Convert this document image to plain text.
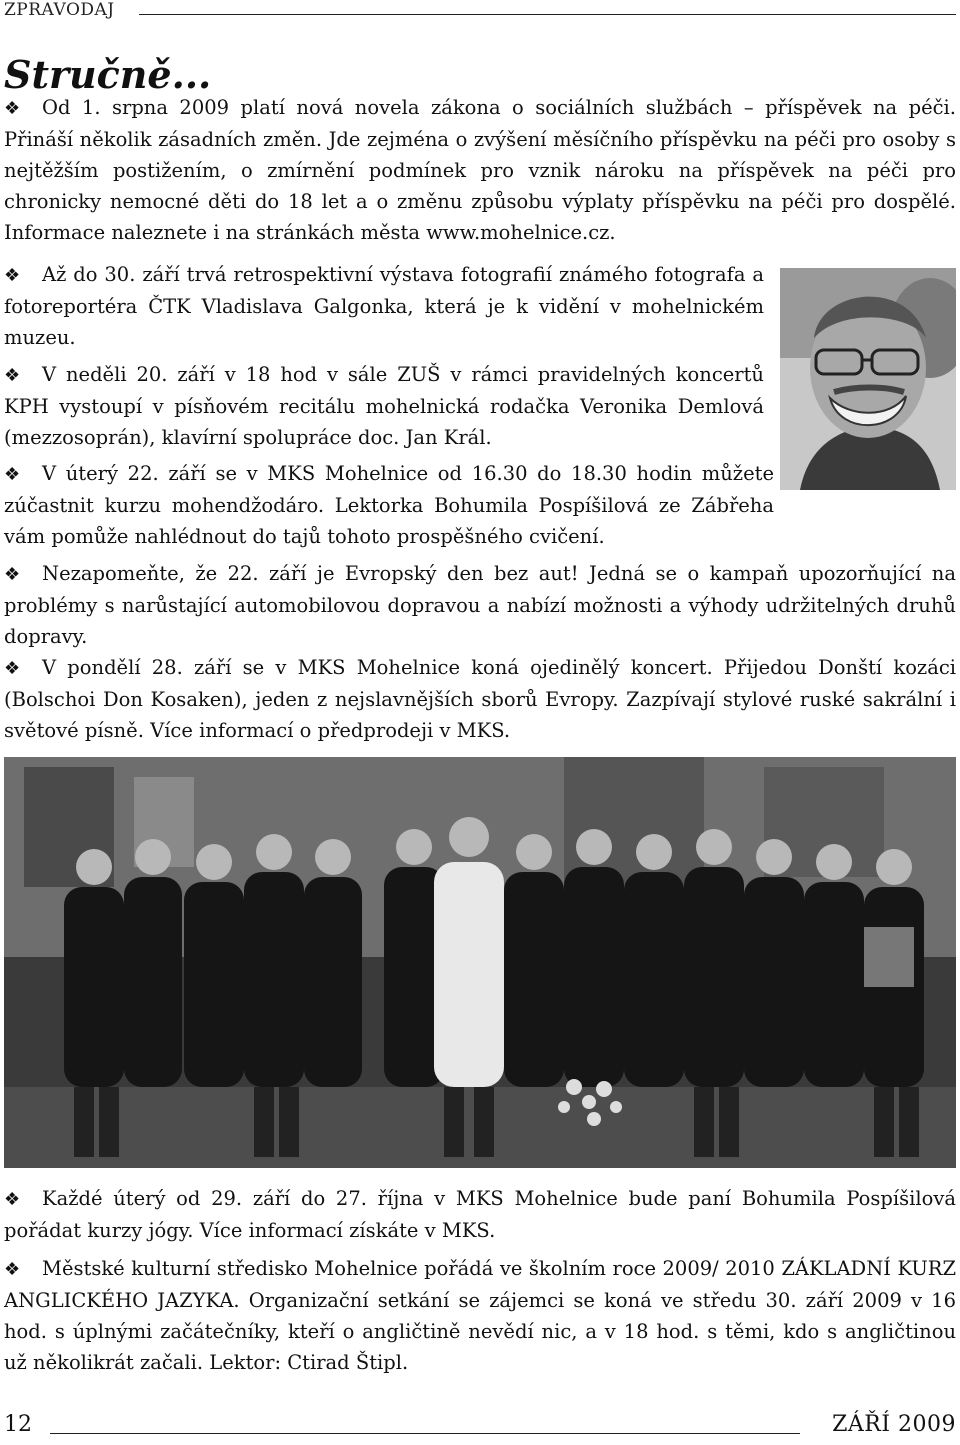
ZPRAVODAJ
Stručně...

❖ Od 1. srpna 2009 platí nová novela zákona o sociálních službách – příspěvek na péči. Přináší několik zásadních změn. Jde zejména o zvýšení měsíčního příspěvku na péči pro osoby s nejtěžším postižením, o zmírnění podmínek pro vznik nároku na příspěvek na péči pro chronicky nemocné děti do 18 let a o změnu způsobu výplaty příspěvku na péči pro dospělé. Informace naleznete i na stránkách města www.mohelnice.cz.

❖ Až do 30. září trvá retrospektivní výstava fotografií známého fotografa a fotoreportéra ČTK Vladislava Galgonka, která je k vidění v mohelnickém muzeu.

❖ V neděli 20. září v 18 hod v sále ZUŠ v rámci pravidelných koncertů KPH vystoupí v písňovém recitálu mohelnická rodačka Veronika Demlová (mezzosoprán), klavírní spolupráce doc. Jan Král.

❖ V úterý 22. září se v MKS Mohelnice od 16.30 do 18.30 hodin můžete zúčastnit kurzu mohendžodáro. Lektorka Bohumila Pospíšilová ze Zábřeha vám pomůže nahlédnout do tajů tohoto prospěšného cvičení.

❖ Nezapomeňte, že 22. září je Evropský den bez aut! Jedná se o kampaň upozorňující na problémy s narůstající automobilovou dopravou a nabízí možnosti a výhody udržitelných druhů dopravy.

❖ V pondělí 28. září se v MKS Mohelnice koná ojedinělý koncert. Přijedou Donští kozáci (Bolschoi Don Kosaken), jeden z nejslavnějších sborů Evropy. Zazpívají stylové ruské sakrální i světové písně. Více informací o předprodeji v MKS.

❖ Každé úterý od 29. září do 27. října v MKS Mohelnice bude paní Bohumila Pospíšilová pořádat kurzy jógy. Více informací získáte v MKS.

❖ Městské kulturní středisko Mohelnice pořádá ve školním roce 2009/ 2010 ZÁKLADNÍ KURZ ANGLICKÉHO JAZYKA. Organizační setkání se zájemci se koná ve středu 30. září 2009 v 16 hod. s úplnými začátečníky, kteří o angličtině nevědí nic, a v 18 hod. s těmi, kdo s angličtinou už několikrát začali. Lektor: Ctirad Štipl.

12	ZÁŘÍ 2009
